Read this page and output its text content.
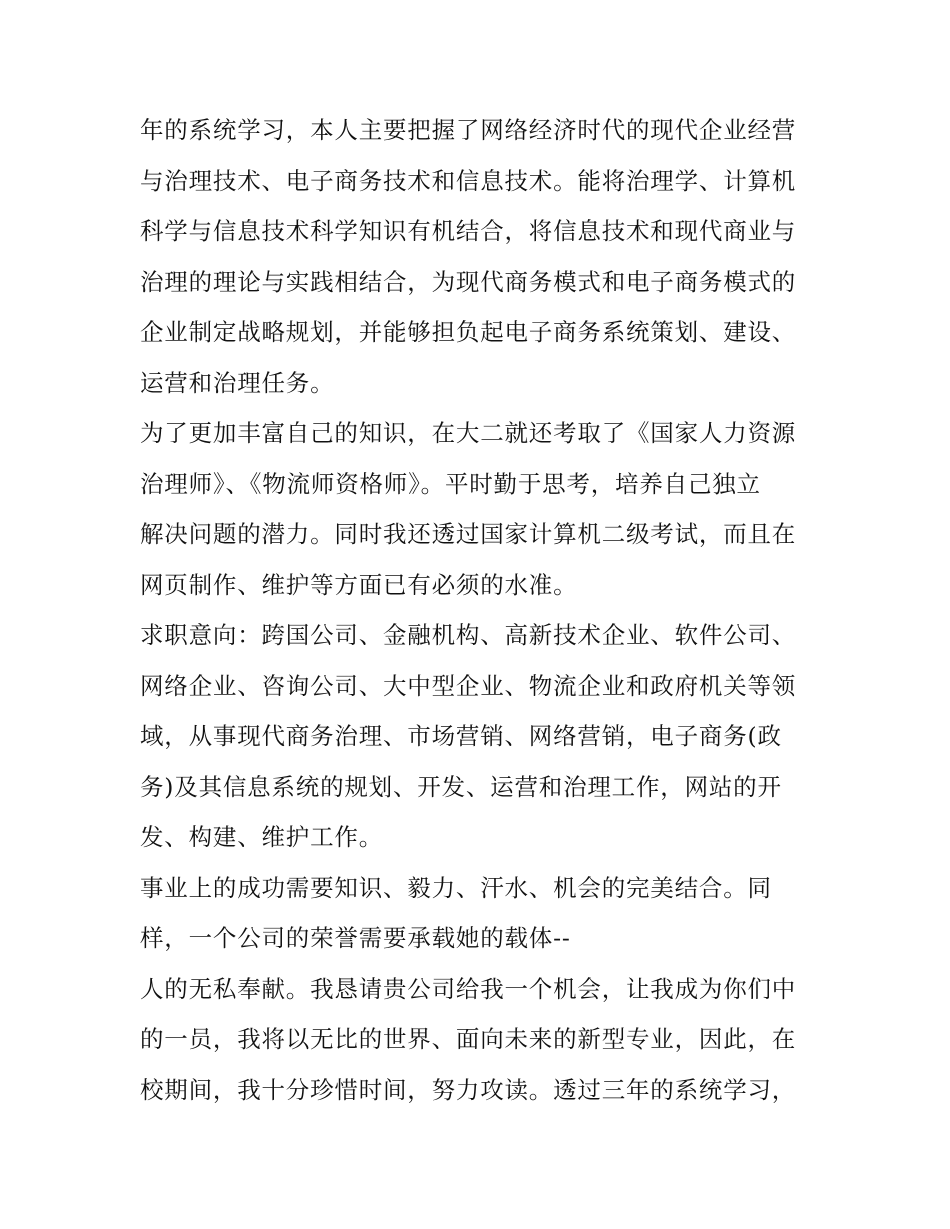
年的系统学习，本人主要把握了网络经济时代的现代企业经营
与治理技术、电子商务技术和信息技术。能将治理学、计算机
科学与信息技术科学知识有机结合，将信息技术和现代商业与
治理的理论与实践相结合，为现代商务模式和电子商务模式的
企业制定战略规划，并能够担负起电子商务系统策划、建设、
运营和治理任务。
为了更加丰富自己的知识，在大二就还考取了《国家人力资源
治理师》、《物流师资格师》。平时勤于思考，培养自己独立
解决问题的潜力。同时我还透过国家计算机二级考试，而且在
网页制作、维护等方面已有必须的水准。
求职意向：跨国公司、金融机构、高新技术企业、软件公司、
网络企业、咨询公司、大中型企业、物流企业和政府机关等领
域，从事现代商务治理、市场营销、网络营销，电子商务(政
务)及其信息系统的规划、开发、运营和治理工作，网站的开
发、构建、维护工作。
事业上的成功需要知识、毅力、汗水、机会的完美结合。同
样，一个公司的荣誉需要承载她的载体--
人的无私奉献。我恳请贵公司给我一个机会，让我成为你们中
的一员，我将以无比的世界、面向未来的新型专业，因此，在
校期间，我十分珍惜时间，努力攻读。透过三年的系统学习，
